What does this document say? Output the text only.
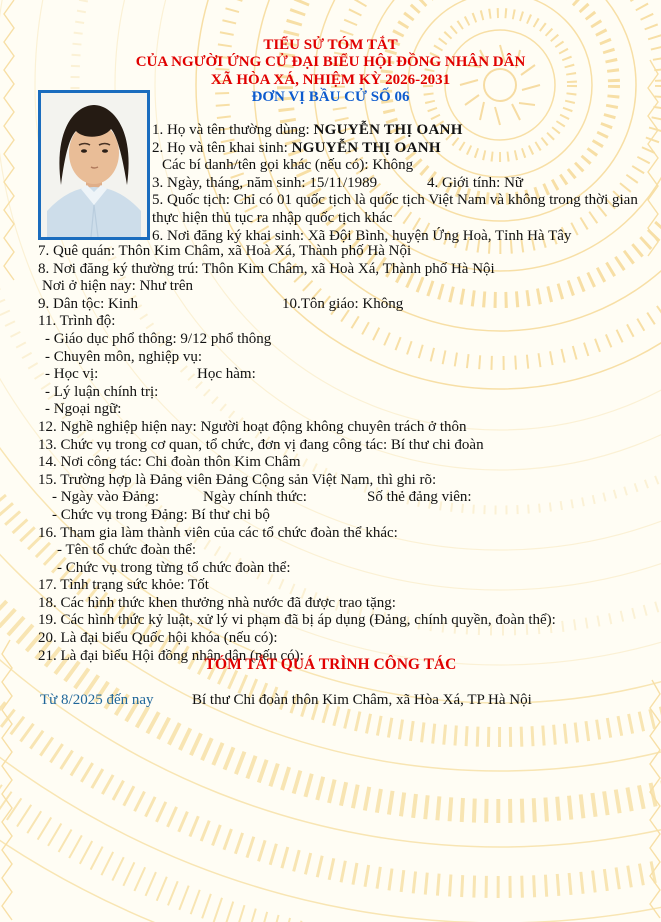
TIỂU SỬ TÓM TẮT
CỦA NGƯỜI ỨNG CỬ ĐẠI BIỂU HỘI ĐỒNG NHÂN DÂN
XÃ HÒA XÁ, NHIỆM KỲ 2026-2031
ĐƠN VỊ BẦU CỬ SỐ 06
1. Họ và tên thường dùng: NGUYỄN THỊ OANH
2. Họ và tên khai sinh: NGUYỄN THỊ OANH
Các bí danh/tên gọi khác (nếu có): Không
3. Ngày, tháng, năm sinh: 15/11/1989	4. Giới tính: Nữ
5. Quốc tịch: Chỉ có 01 quốc tịch là quốc tịch Việt Nam và không trong thời gian thực hiện thủ tục ra nhập quốc tịch khác
6. Nơi đăng ký khai sinh: Xã Đội Bình, huyện Ứng Hoà, Tỉnh Hà Tây
7. Quê quán: Thôn Kim Châm, xã Hoà Xá, Thành phố Hà Nội
8. Nơi đăng ký thường trú: Thôn Kim Châm, xã Hoà Xá, Thành phố Hà Nội
Nơi ở hiện nay: Như trên
9. Dân tộc: Kinh	10.Tôn giáo: Không
11. Trình độ:
- Giáo dục phổ thông: 9/12 phổ thông
- Chuyên môn, nghiệp vụ:
- Học vị:	Học hàm:
- Lý luận chính trị:
- Ngoại ngữ:
12. Nghề nghiệp hiện nay: Người hoạt động không chuyên trách ở thôn
13. Chức vụ trong cơ quan, tổ chức, đơn vị đang công tác: Bí thư chi đoàn
14. Nơi công tác: Chi đoàn thôn Kim Châm
15. Trường hợp là Đảng viên Đảng Cộng sản Việt Nam, thì ghi rõ:
- Ngày vào Đảng:	Ngày chính thức:	Số thẻ đảng viên:
- Chức vụ trong Đảng: Bí thư chi bộ
16. Tham gia làm thành viên của các tổ chức đoàn thể khác:
- Tên tổ chức đoàn thể:
- Chức vụ trong từng tổ chức đoàn thể:
17. Tình trạng sức khỏe: Tốt
18. Các hình thức khen thưởng nhà nước đã được trao tặng:
19. Các hình thức kỷ luật, xử lý vi phạm đã bị áp dụng (Đảng, chính quyền, đoàn thể):
20. Là đại biểu Quốc hội khóa (nếu có):
21. Là đại biểu Hội đồng nhân dân (nếu có):
TÓM TẮT QUÁ TRÌNH CÔNG TÁC
Từ 8/2025 đến nay	Bí thư Chi đoàn thôn Kim Châm, xã Hòa Xá, TP Hà Nội
